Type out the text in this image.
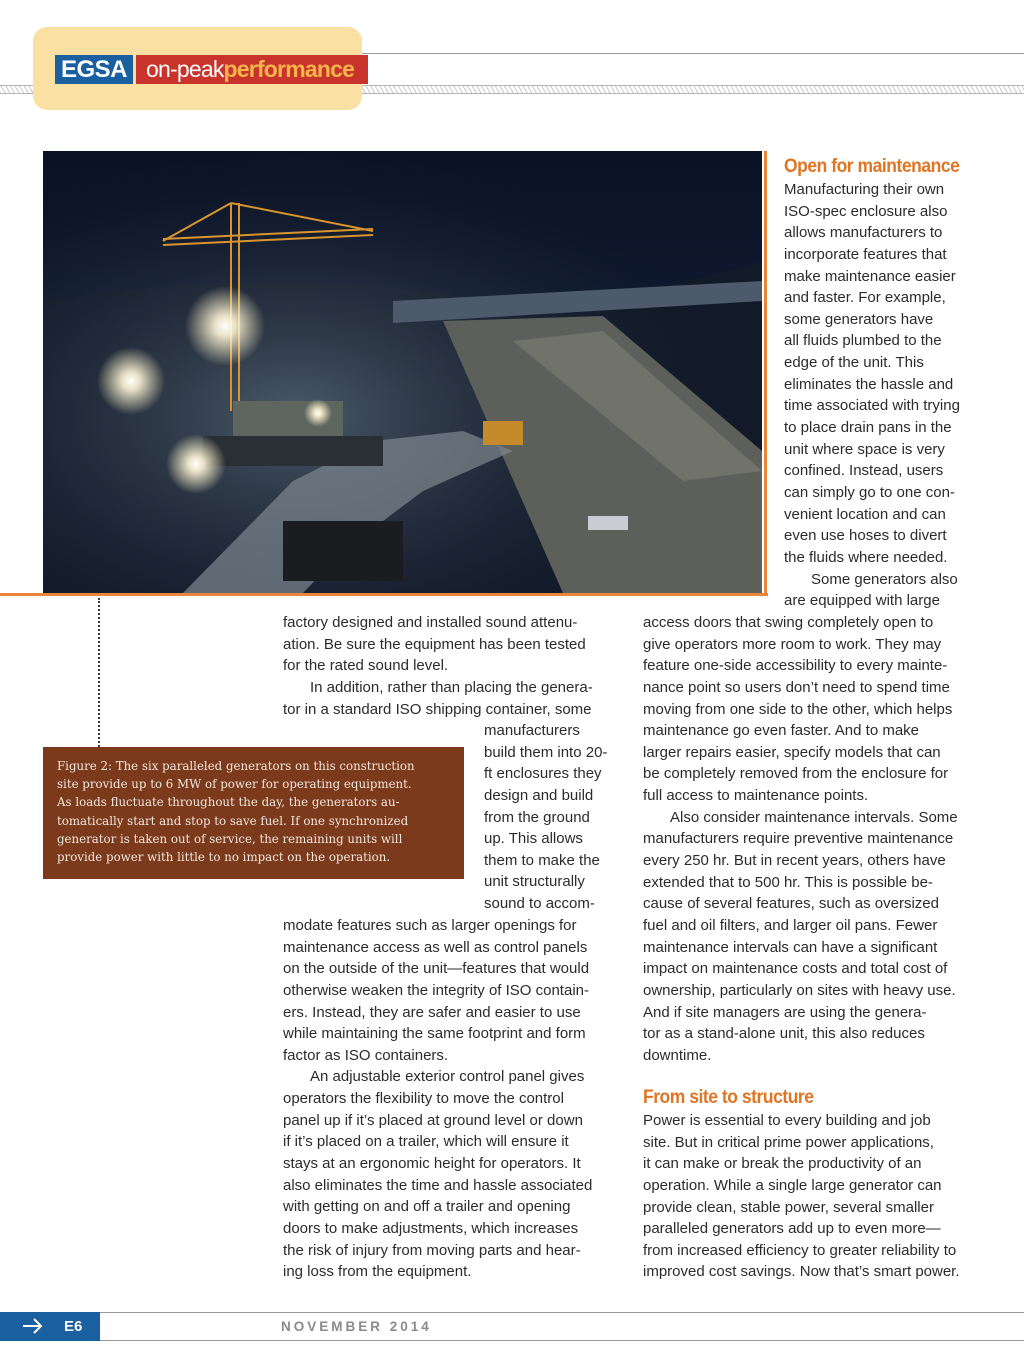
EGSA on-peakperformance
Figure 2: The six paralleled generators on this construction
site provide up to 6 MW of power for operating equipment.
As loads fluctuate throughout the day, the generators au-
tomatically start and stop to save fuel. If one synchronized
generator is taken out of service, the remaining units will
provide power with little to no impact on the operation.
Open for maintenance
Manufacturing their own
ISO-spec enclosure also
allows manufacturers to
incorporate features that
make maintenance easier
and faster. For example,
some generators have
all fluids plumbed to the
edge of the unit. This
eliminates the hassle and
time associated with trying
to place drain pans in the
unit where space is very
confined. Instead, users
can simply go to one con-
venient location and can
even use hoses to divert
the fluids where needed.
Some generators also
are equipped with large
factory designed and installed sound attenu-
ation. Be sure the equipment has been tested
for the rated sound level.
In addition, rather than placing the genera-
tor in a standard ISO shipping container, some
manufacturers
build them into 20-
ft enclosures they
design and build
from the ground
up. This allows
them to make the
unit structurally
sound to accom-
modate features such as larger openings for
maintenance access as well as control panels
on the outside of the unit—features that would
otherwise weaken the integrity of ISO contain-
ers. Instead, they are safer and easier to use
while maintaining the same footprint and form
factor as ISO containers.
An adjustable exterior control panel gives
operators the flexibility to move the control
panel up if it’s placed at ground level or down
if it’s placed on a trailer, which will ensure it
stays at an ergonomic height for operators. It
also eliminates the time and hassle associated
with getting on and off a trailer and opening
doors to make adjustments, which increases
the risk of injury from moving parts and hear-
ing loss from the equipment.
access doors that swing completely open to
give operators more room to work. They may
feature one-side accessibility to every mainte-
nance point so users don’t need to spend time
moving from one side to the other, which helps
maintenance go even faster. And to make
larger repairs easier, specify models that can
be completely removed from the enclosure for
full access to maintenance points.
Also consider maintenance intervals. Some
manufacturers require preventive maintenance
every 250 hr. But in recent years, others have
extended that to 500 hr. This is possible be-
cause of several features, such as oversized
fuel and oil filters, and larger oil pans. Fewer
maintenance intervals can have a significant
impact on maintenance costs and total cost of
ownership, particularly on sites with heavy use.
And if site managers are using the genera-
tor as a stand-alone unit, this also reduces
downtime.
From site to structure
Power is essential to every building and job
site. But in critical prime power applications,
it can make or break the productivity of an
operation. While a single large generator can
provide clean, stable power, several smaller
paralleled generators add up to even more—
from increased efficiency to greater reliability to
improved cost savings. Now that’s smart power.
E6	NOVEMBER 2014
